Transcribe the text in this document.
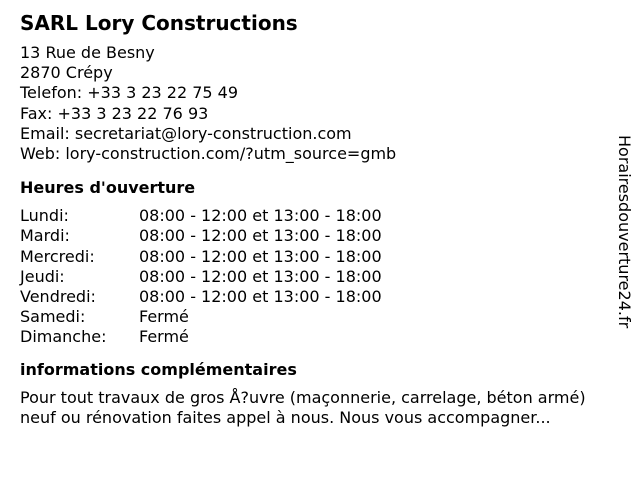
SARL Lory Constructions
13 Rue de Besny
2870 Crépy
Telefon: +33 3 23 22 75 49
Fax: +33 3 23 22 76 93
Email: secretariat@lory-construction.com
Web: lory-construction.com/?utm_source=gmb
Heures d'ouverture
Lundi:	08:00 - 12:00 et 13:00 - 18:00
Mardi:	08:00 - 12:00 et 13:00 - 18:00
Mercredi:	08:00 - 12:00 et 13:00 - 18:00
Jeudi:	08:00 - 12:00 et 13:00 - 18:00
Vendredi:	08:00 - 12:00 et 13:00 - 18:00
Samedi:	Fermé
Dimanche:	Fermé
informations complémentaires
Pour tout travaux de gros Å?uvre (maçonnerie, carrelage, béton armé) neuf ou rénovation faites appel à nous. Nous vous accompagner...
Horairesdouverture24.fr
